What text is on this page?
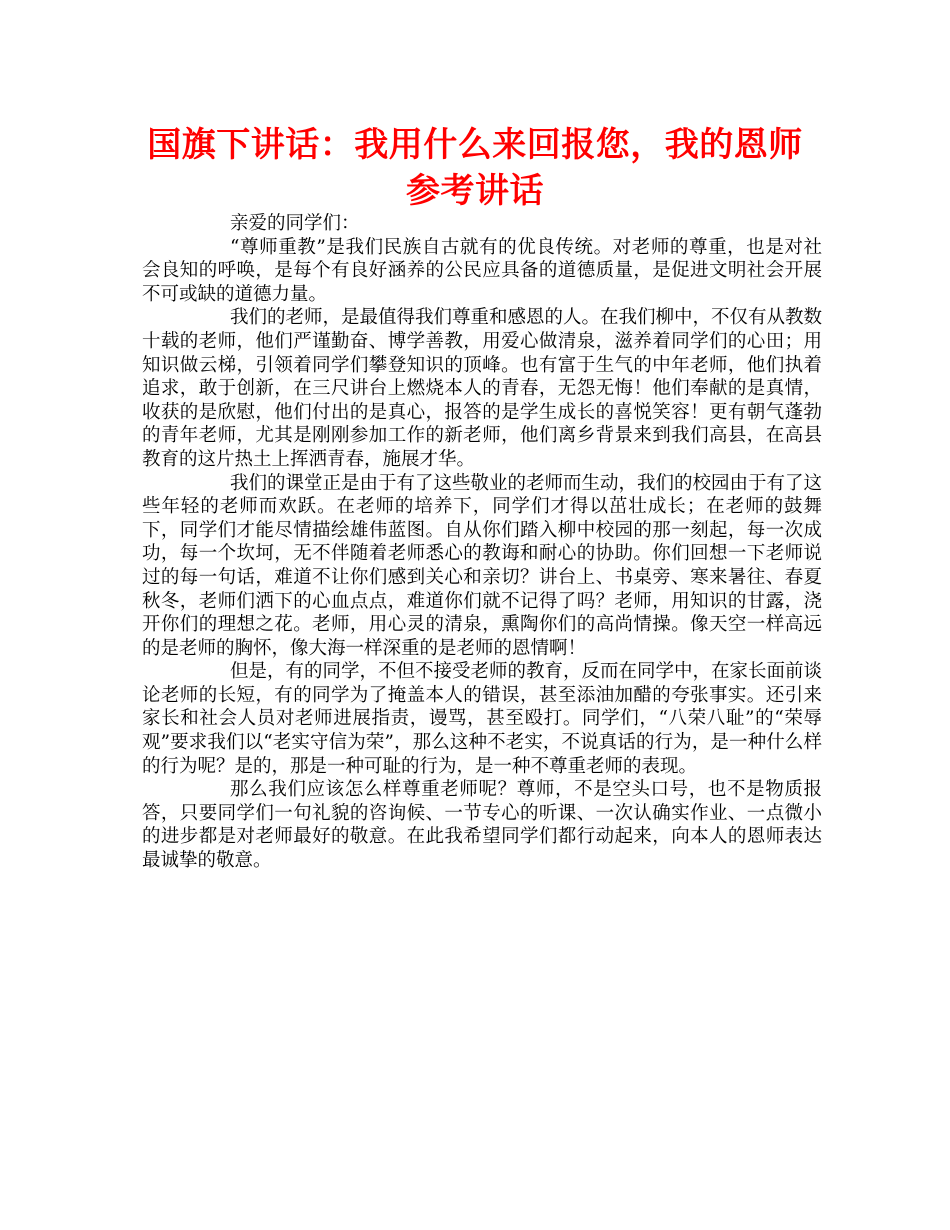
国旗下讲话：我用什么来回报您，我的恩师参考讲话

亲爱的同学们：

“尊师重教”是我们民族自古就有的优良传统。对老师的尊重，也是对社会良知的呼唤，是每个有良好涵养的公民应具备的道德质量，是促进文明社会开展不可或缺的道德力量。

我们的老师，是最值得我们尊重和感恩的人。在我们柳中，不仅有从教数十载的老师，他们严谨勤奋、博学善教，用爱心做清泉，滋养着同学们的心田；用知识做云梯，引领着同学们攀登知识的顶峰。也有富于生气的中年老师，他们执着追求，敢于创新，在三尺讲台上燃烧本人的青春，无怨无悔！他们奉献的是真情，收获的是欣慰，他们付出的是真心，报答的是学生成长的喜悦笑容！更有朝气蓬勃的青年老师，尤其是刚刚参加工作的新老师，他们离乡背景来到我们高县，在高县教育的这片热土上挥洒青春，施展才华。

我们的课堂正是由于有了这些敬业的老师而生动，我们的校园由于有了这些年轻的老师而欢跃。在老师的培养下，同学们才得以茁壮成长；在老师的鼓舞下，同学们才能尽情描绘雄伟蓝图。自从你们踏入柳中校园的那一刻起，每一次成功，每一个坎坷，无不伴随着老师悉心的教诲和耐心的协助。你们回想一下老师说过的每一句话，难道不让你们感到关心和亲切？讲台上、书桌旁、寒来暑往、春夏秋冬，老师们洒下的心血点点，难道你们就不记得了吗？老师，用知识的甘露，浇开你们的理想之花。老师，用心灵的清泉，熏陶你们的高尚情操。像天空一样高远的是老师的胸怀，像大海一样深重的是老师的恩情啊！

但是，有的同学，不但不接受老师的教育，反而在同学中，在家长面前谈论老师的长短，有的同学为了掩盖本人的错误，甚至添油加醋的夸张事实。还引来家长和社会人员对老师进展指责，谩骂，甚至殴打。同学们，“八荣八耻”的“荣辱观”要求我们以“老实守信为荣”，那么这种不老实，不说真话的行为，是一种什么样的行为呢？是的，那是一种可耻的行为，是一种不尊重老师的表现。

那么我们应该怎么样尊重老师呢？尊师，不是空头口号，也不是物质报答，只要同学们一句礼貌的咨询候、一节专心的听课、一次认确实作业、一点微小的进步都是对老师最好的敬意。在此我希望同学们都行动起来，向本人的恩师表达最诚挚的敬意。
